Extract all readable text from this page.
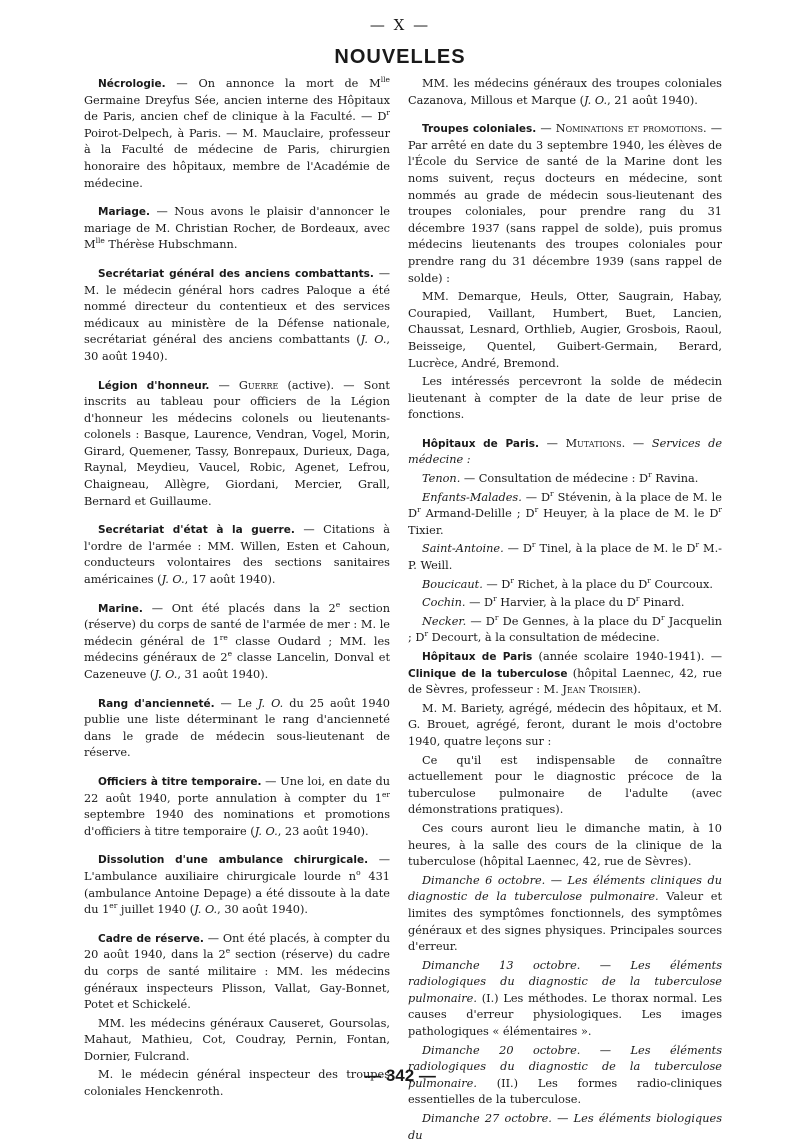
— X —
NOUVELLES

Nécrologie. — On annonce la mort de $M^{lle}$ Germaine Dreyfus Sée, ancien interne des Hôpitaux de Paris, ancien chef de clinique à la Faculté. — $D^r$ Poirot-Delpech, à Paris. — M. Mauclaire, professeur à la Faculté de médecine de Paris, chirurgien honoraire des hôpitaux, membre de l'Académie de médecine.

Mariage. — Nous avons le plaisir d'annoncer le mariage de M. Christian Rocher, de Bordeaux, avec $M^{lle}$ Thérèse Hubschmann.

Secrétariat général des anciens combattants. — M. le médecin général hors cadres Paloque a été nommé directeur du contentieux et des services médicaux au ministère de la Défense nationale, secrétariat général des anciens combattants (J. O., 30 août 1940).

Légion d'honneur. — Guerre (active). — Sont inscrits au tableau pour officiers de la Légion d'honneur les médecins colonels ou lieutenants-colonels : Basque, Laurence, Vendran, Vogel, Morin, Girard, Quemener, Tassy, Bonrepaux, Durieux, Daga, Raynal, Meydieu, Vaucel, Robic, Agenet, Lefrou, Chaigneau, Allègre, Giordani, Mercier, Grall, Bernard et Guillaume.

Secrétariat d'état à la guerre. — Citations à l'ordre de l'armée : MM. Willen, Esten et Cahoun, conducteurs volontaires des sections sanitaires américaines (J. O., 17 août 1940).

Marine. — Ont été placés dans la 2e section (réserve) du corps de santé de l'armée de mer : M. le médecin général de 1re classe Oudard ; MM. les médecins généraux de 2e classe Lancelin, Donval et Cazeneuve (J. O., 31 août 1940).

Rang d'ancienneté. — Le J. O. du 25 août 1940 publie une liste déterminant le rang d'ancienneté dans le grade de médecin sous-lieutenant de réserve.

Officiers à titre temporaire. — Une loi, en date du 22 août 1940, porte annulation à compter du 1er septembre 1940 des nominations et promotions d'officiers à titre temporaire (J. O., 23 août 1940).

Dissolution d'une ambulance chirurgicale. — L'ambulance auxiliaire chirurgicale lourde $n^o$ 431 (ambulance Antoine Depage) a été dissoute à la date du 1er juillet 1940 (J. O., 30 août 1940).

Cadre de réserve. — Ont été placés, à compter du 20 août 1940, dans la 2e section (réserve) du cadre du corps de santé militaire : MM. les médecins généraux inspecteurs Plisson, Vallat, Gay-Bonnet, Potet et Schickelé.

MM. les médecins généraux Causeret, Goursolas, Mahaut, Mathieu, Cot, Coudray, Pernin, Fontan, Dornier, Fulcrand.

M. le médecin général inspecteur des troupes coloniales Henckenroth.

MM. les médecins généraux des troupes coloniales Cazanova, Millous et Marque (J. O., 21 août 1940).

Troupes coloniales. — Nominations et promotions. — Par arrêté en date du 3 septembre 1940, les élèves de l'École du Service de santé de la Marine dont les noms suivent, reçus docteurs en médecine, sont nommés au grade de médecin sous-lieutenant des troupes coloniales, pour prendre rang du 31 décembre 1937 (sans rappel de solde), puis promus médecins lieutenants des troupes coloniales pour prendre rang du 31 décembre 1939 (sans rappel de solde) :

MM. Demarque, Heuls, Otter, Saugrain, Habay, Courapied, Vaillant, Humbert, Buet, Lancien, Chaussat, Lesnard, Orthlieb, Augier, Grosbois, Raoul, Beisseige, Quentel, Guibert-Germain, Berard, Lucrèce, André, Bremond.

Les intéressés percevront la solde de médecin lieutenant à compter de la date de leur prise de fonctions.

Hôpitaux de Paris. — Mutations. — Services de médecine :

Tenon. — Consultation de médecine : $D^r$ Ravina.

Enfants-Malades. — $D^r$ Stévenin, à la place de M. le $D^r$ Armand-Delille ; $D^r$ Heuyer, à la place de M. le $D^r$ Tixier.

Saint-Antoine. — $D^r$ Tinel, à la place de M. le $D^r$ M.-P. Weill.

Boucicaut. — $D^r$ Richet, à la place du $D^r$ Courcoux.

Cochin. — $D^r$ Harvier, à la place du $D^r$ Pinard.

Necker. — $D^r$ De Gennes, à la place du $D^r$ Jacquelin ; $D^r$ Decourt, à la consultation de médecine.

Hôpitaux de Paris (année scolaire 1940-1941). — Clinique de la tuberculose (hôpital Laennec, 42, rue de Sèvres, professeur : M. Jean Troisier).

M. M. Bariety, agrégé, médecin des hôpitaux, et M. G. Brouet, agrégé, feront, durant le mois d'octobre 1940, quatre leçons sur :

Ce qu'il est indispensable de connaître actuellement pour le diagnostic précoce de la tuberculose pulmonaire de l'adulte (avec démonstrations pratiques).

Ces cours auront lieu le dimanche matin, à 10 heures, à la salle des cours de la clinique de la tuberculose (hôpital Laennec, 42, rue de Sèvres).

Dimanche 6 octobre. — Les éléments cliniques du diagnostic de la tuberculose pulmonaire. Valeur et limites des symptômes fonctionnels, des symptômes généraux et des signes physiques. Principales sources d'erreur.

Dimanche 13 octobre. — Les éléments radiologiques du diagnostic de la tuberculose pulmonaire. (I.) Les méthodes. Le thorax normal. Les causes d'erreur physiologiques. Les images pathologiques « élémentaires ».

Dimanche 20 octobre. — Les éléments radiologiques du diagnostic de la tuberculose pulmonaire. (II.) Les formes radio-cliniques essentielles de la tuberculose.

Dimanche 27 octobre. — Les éléments biologiques du

— 342 —
